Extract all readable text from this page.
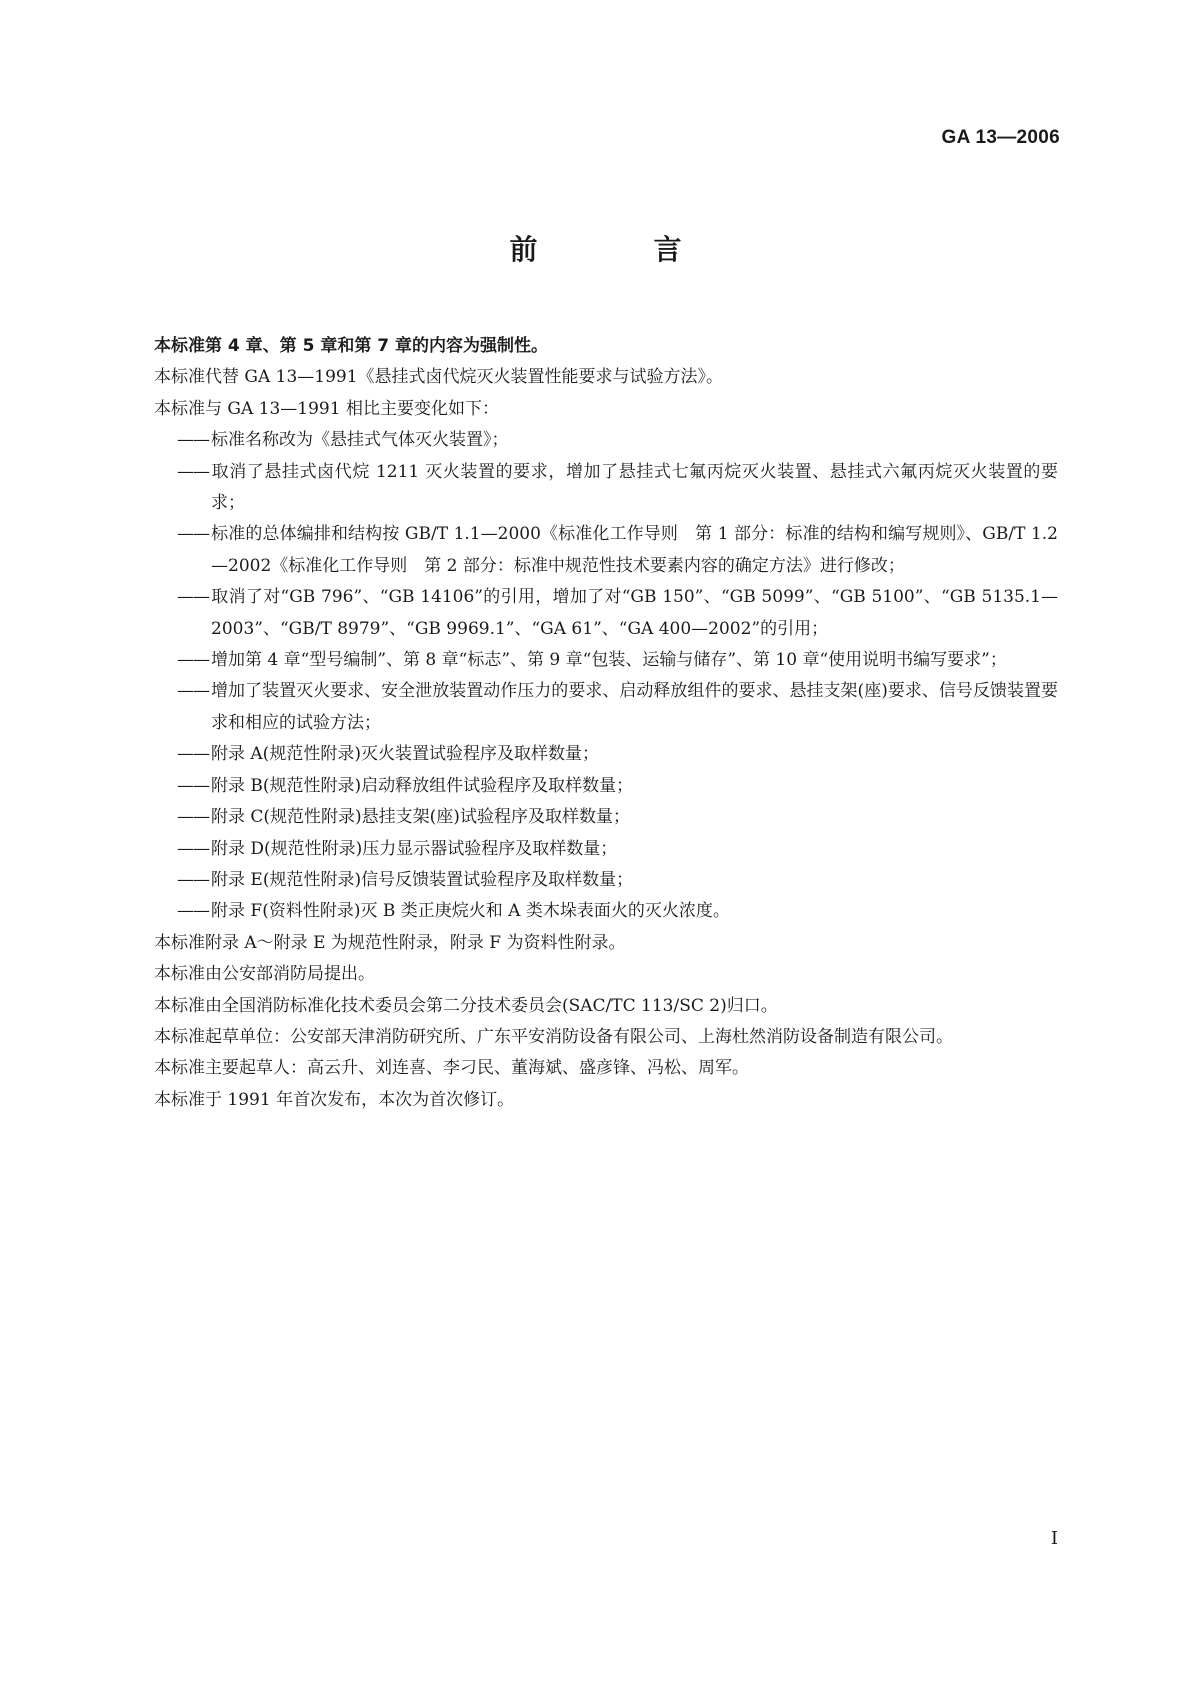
GA 13—2006
前　言

本标准第 4 章、第 5 章和第 7 章的内容为强制性。

本标准代替 GA 13—1991《悬挂式卤代烷灭火装置性能要求与试验方法》。

本标准与 GA 13—1991 相比主要变化如下：

—— 标准名称改为《悬挂式气体灭火装置》；

—— 取消了悬挂式卤代烷 1211 灭火装置的要求，增加了悬挂式七氟丙烷灭火装置、悬挂式六氟丙烷灭火装置的要求；

—— 标准的总体编排和结构按 GB/T 1.1—2000《标准化工作导则　第 1 部分：标准的结构和编写规则》、GB/T 1.2—2002《标准化工作导则　第 2 部分：标准中规范性技术要素内容的确定方法》进行修改；

—— 取消了对“GB 796”、“GB 14106”的引用，增加了对“GB 150”、“GB 5099”、“GB 5100”、“GB 5135.1—2003”、“GB/T 8979”、“GB 9969.1”、“GA 61”、“GA 400—2002”的引用；

—— 增加第 4 章“型号编制”、第 8 章“标志”、第 9 章“包装、运输与储存”、第 10 章“使用说明书编写要求”；

—— 增加了装置灭火要求、安全泄放装置动作压力的要求、启动释放组件的要求、悬挂支架(座)要求、信号反馈装置要求和相应的试验方法；

—— 附录 A(规范性附录)灭火装置试验程序及取样数量；

—— 附录 B(规范性附录)启动释放组件试验程序及取样数量；

—— 附录 C(规范性附录)悬挂支架(座)试验程序及取样数量；

—— 附录 D(规范性附录)压力显示器试验程序及取样数量；

—— 附录 E(规范性附录)信号反馈装置试验程序及取样数量；

—— 附录 F(资料性附录)灭 B 类正庚烷火和 A 类木垛表面火的灭火浓度。

本标准附录 A～附录 E 为规范性附录，附录 F 为资料性附录。

本标准由公安部消防局提出。

本标准由全国消防标准化技术委员会第二分技术委员会(SAC/TC 113/SC 2)归口。

本标准起草单位：公安部天津消防研究所、广东平安消防设备有限公司、上海杜然消防设备制造有限公司。

本标准主要起草人：高云升、刘连喜、李刁民、董海斌、盛彦锋、冯松、周军。

本标准于 1991 年首次发布，本次为首次修订。

I
